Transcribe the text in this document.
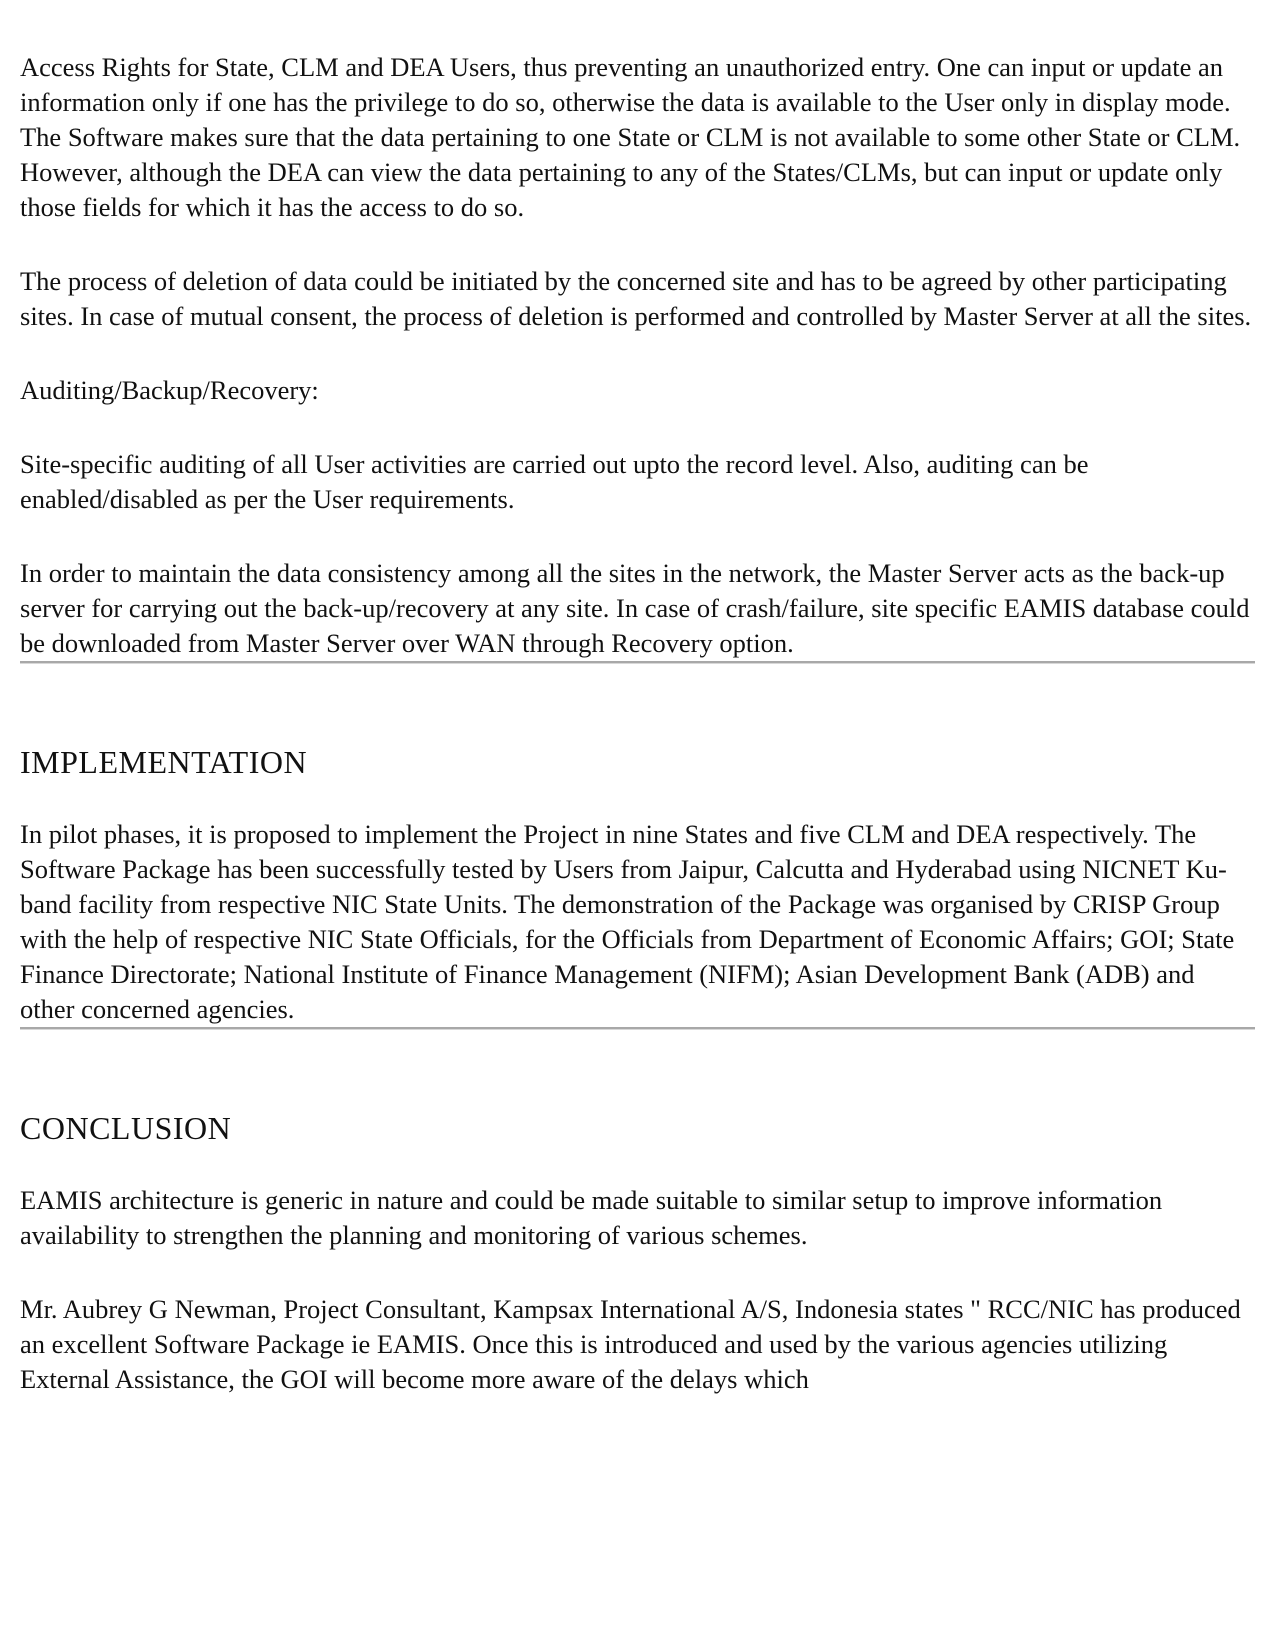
Access Rights for State, CLM and DEA Users, thus preventing an unauthorized entry. One can input or update an information only if one has the privilege to do so, otherwise the data is available to the User only in display mode. The Software makes sure that the data pertaining to one State or CLM is not available to some other State or CLM. However, although the DEA can view the data pertaining to any of the States/CLMs, but can input or update only those fields for which it has the access to do so.

The process of deletion of data could be initiated by the concerned site and has to be agreed by other participating sites. In case of mutual consent, the process of deletion is performed and controlled by Master Server at all the sites.

Auditing/Backup/Recovery:

Site-specific auditing of all User activities are carried out upto the record level. Also, auditing can be enabled/disabled as per the User requirements.

In order to maintain the data consistency among all the sites in the network, the Master Server acts as the back-up server for carrying out the back-up/recovery at any site. In case of crash/failure, site specific EAMIS database could be downloaded from Master Server over WAN through Recovery option.

IMPLEMENTATION

In pilot phases, it is proposed to implement the Project in nine States and five CLM and DEA respectively. The Software Package has been successfully tested by Users from Jaipur, Calcutta and Hyderabad using NICNET Ku-band facility from respective NIC State Units. The demonstration of the Package was organised by CRISP Group with the help of respective NIC State Officials, for the Officials from Department of Economic Affairs; GOI; State Finance Directorate; National Institute of Finance Management (NIFM); Asian Development Bank (ADB) and other concerned agencies.

CONCLUSION

EAMIS architecture is generic in nature and could be made suitable to similar setup to improve information availability to strengthen the planning and monitoring of various schemes.

Mr. Aubrey G Newman, Project Consultant, Kampsax International A/S, Indonesia states " RCC/NIC has produced an excellent Software Package ie EAMIS. Once this is introduced and used by the various agencies utilizing External Assistance, the GOI will become more aware of the delays which
